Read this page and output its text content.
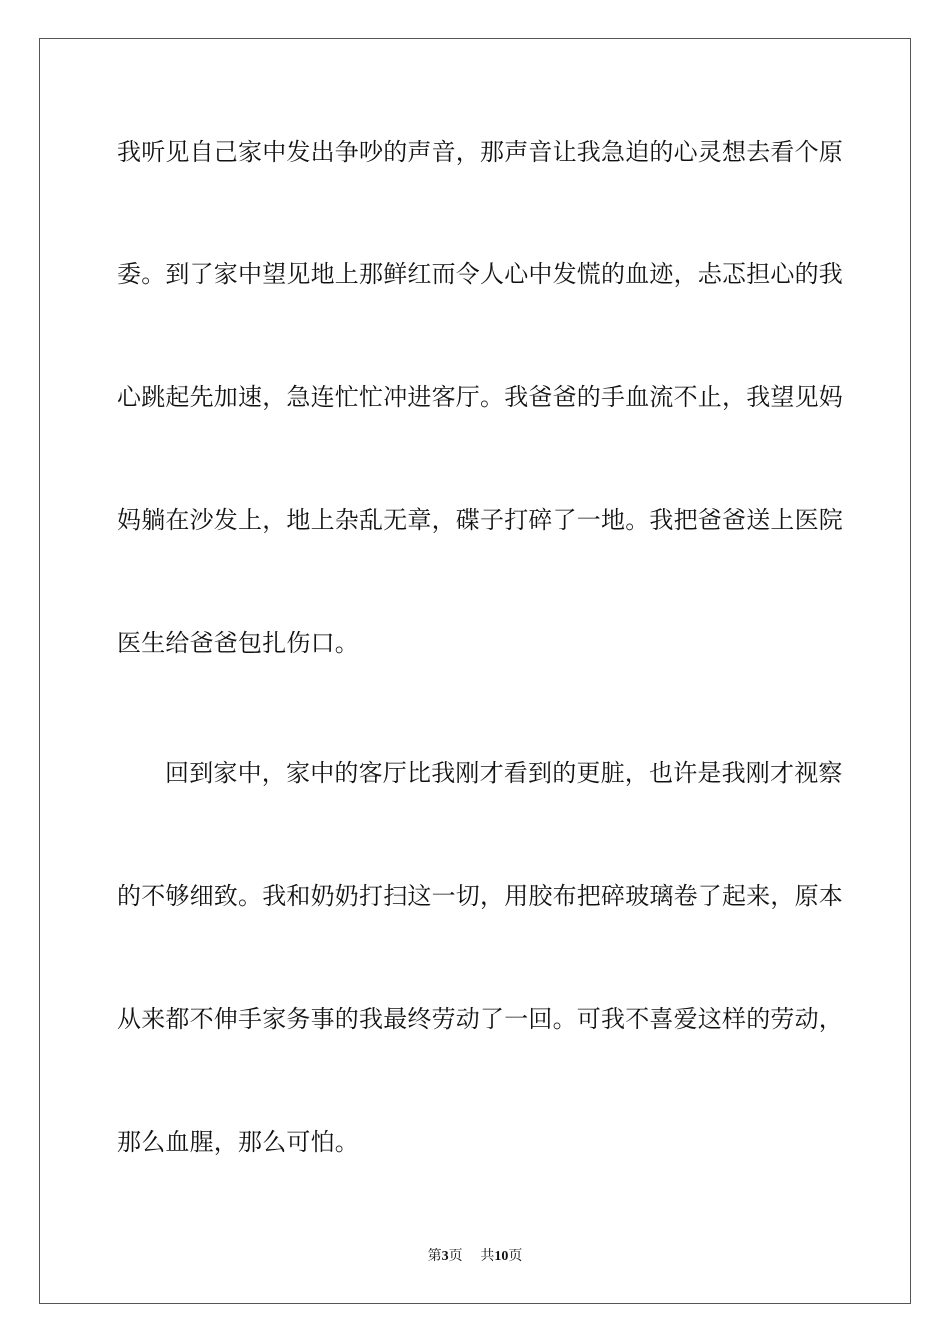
我听见自己家中发出争吵的声音，那声音让我急迫的心灵想去看个原
委。到了家中望见地上那鲜红而令人心中发慌的血迹，忐忑担心的我
心跳起先加速，急连忙忙冲进客厅。我爸爸的手血流不止，我望见妈
妈躺在沙发上，地上杂乱无章，碟子打碎了一地。我把爸爸送上医院
医生给爸爸包扎伤口。
回到家中，家中的客厅比我刚才看到的更脏，也许是我刚才视察
的不够细致。我和奶奶打扫这一切，用胶布把碎玻璃卷了起来，原本
从来都不伸手家务事的我最终劳动了一回。可我不喜爱这样的劳动，
那么血腥，那么可怕。
第3页 共10页
